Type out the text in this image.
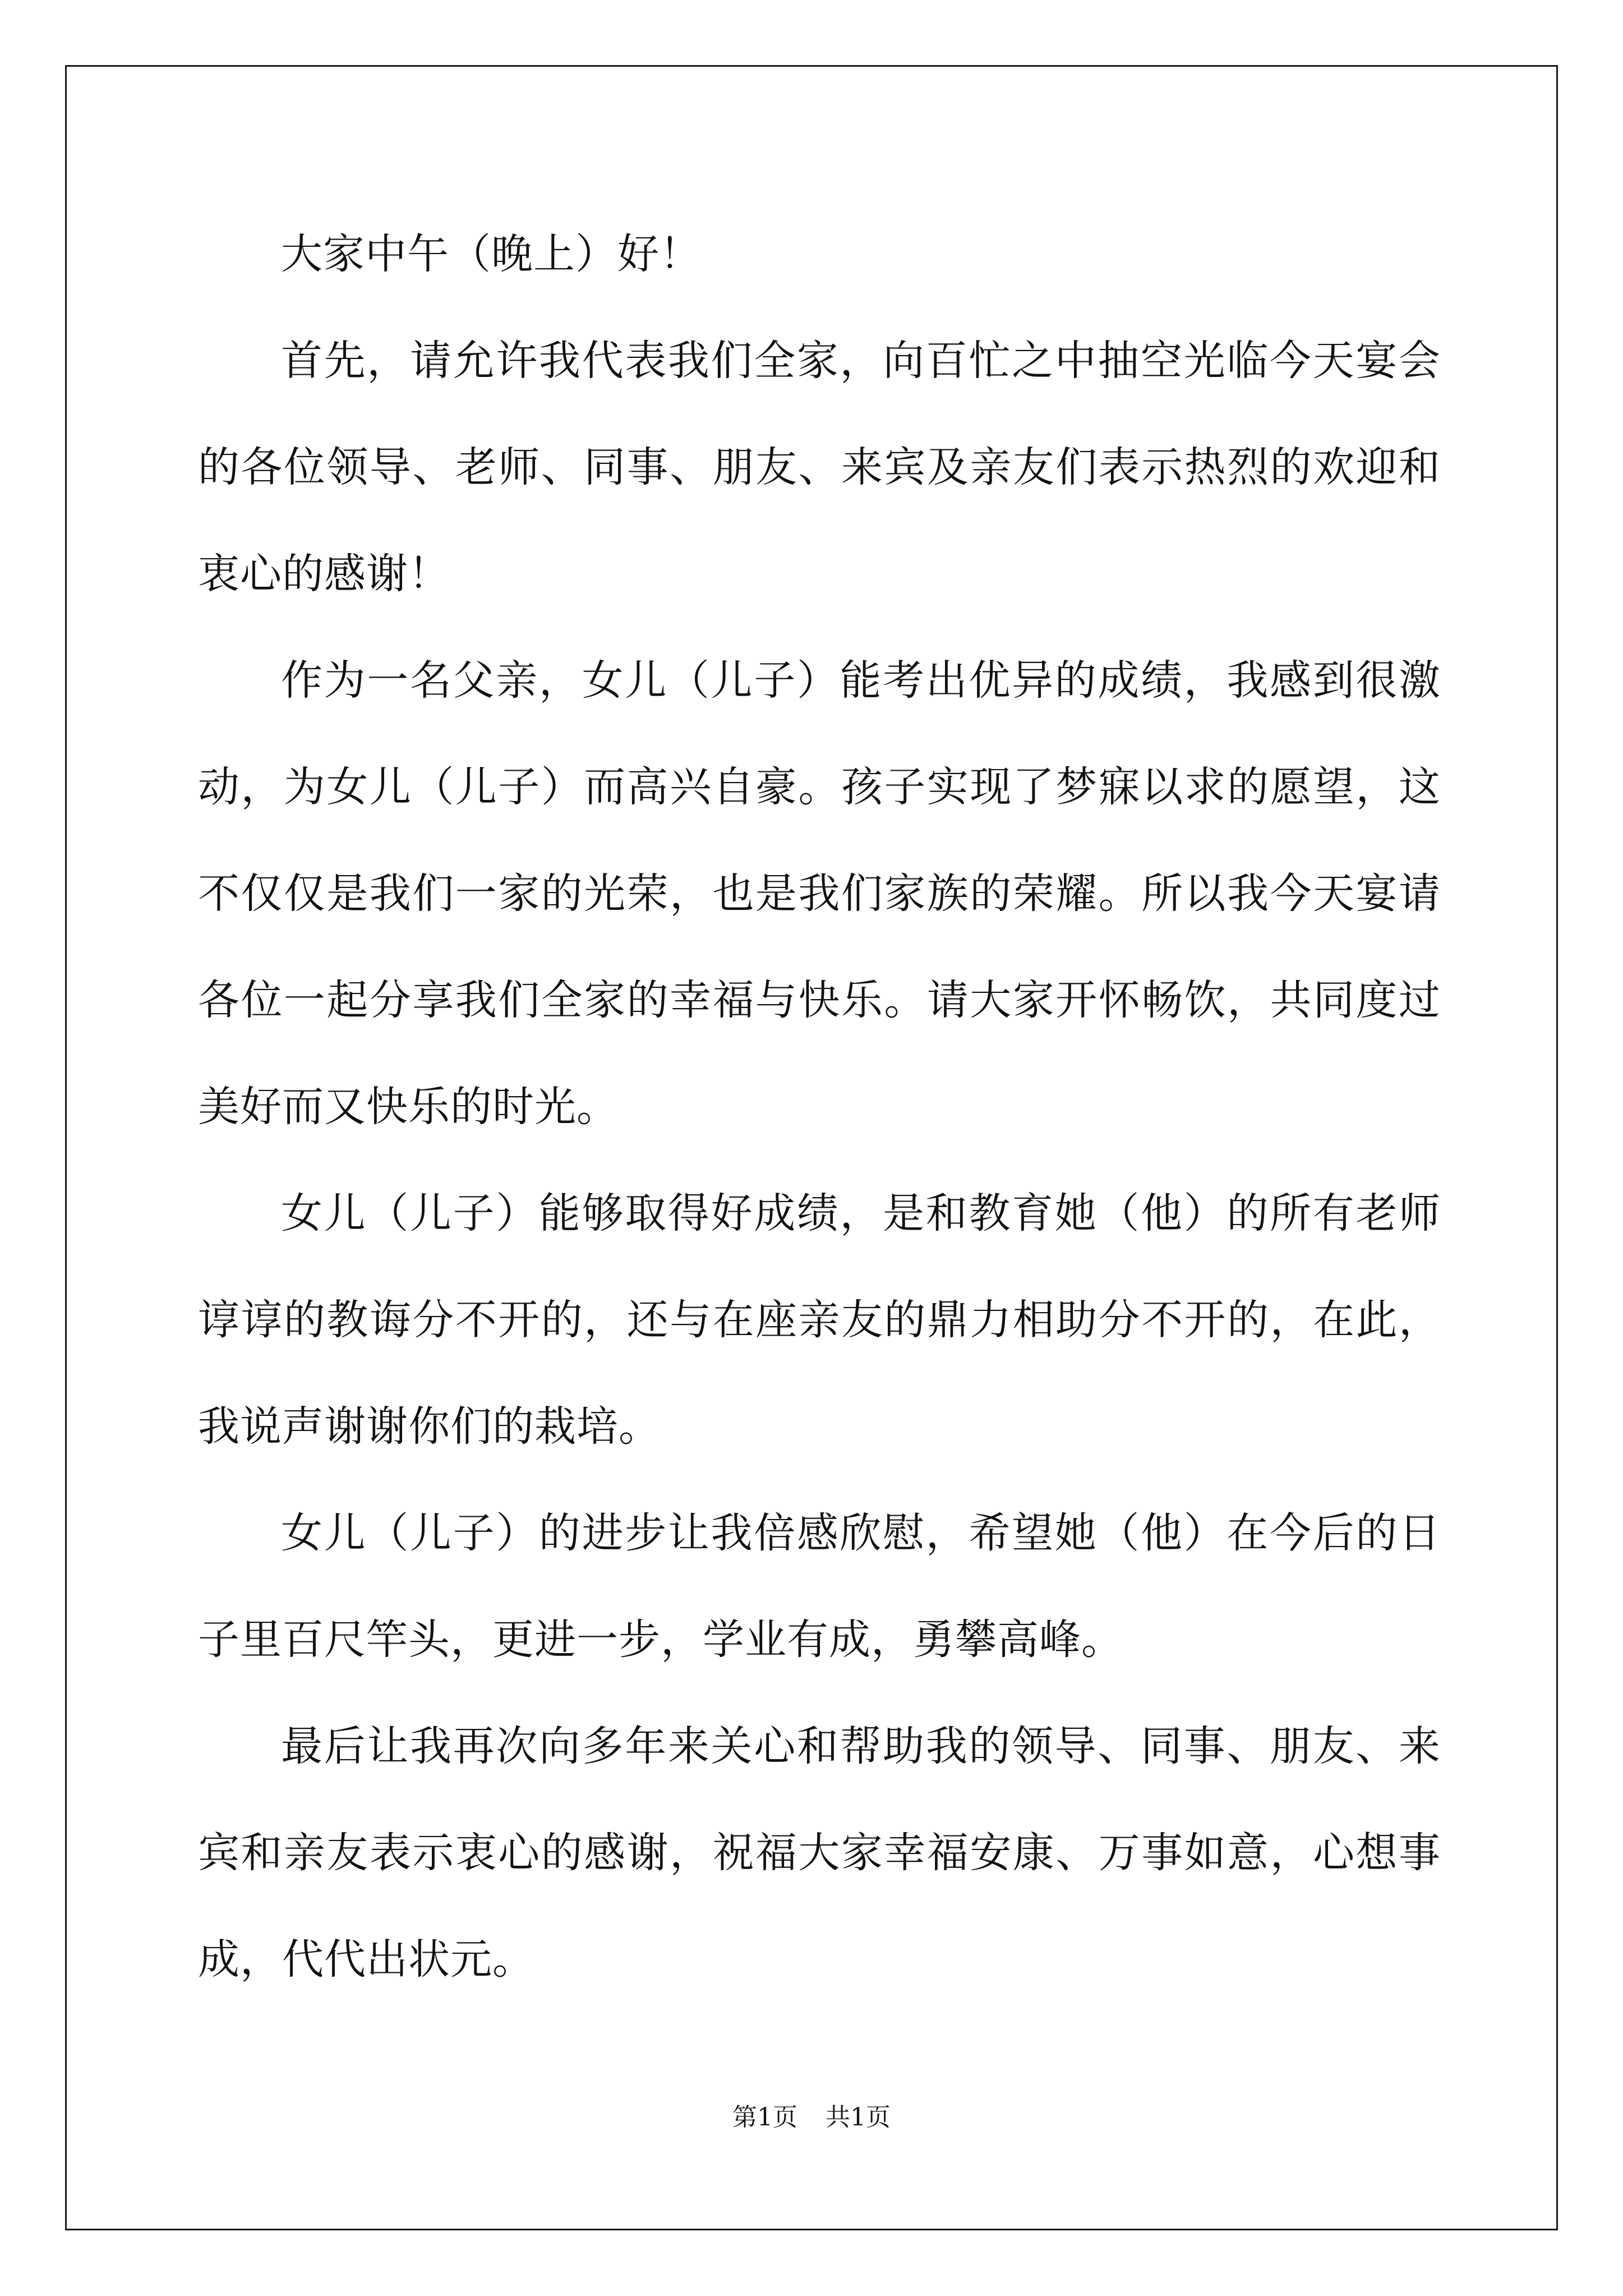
大家中午（晚上）好！

首先，请允许我代表我们全家，向百忙之中抽空光临今天宴会的各位领导、老师、同事、朋友、来宾及亲友们表示热烈的欢迎和衷心的感谢！

作为一名父亲，女儿（儿子）能考出优异的成绩，我感到很激动，为女儿（儿子）而高兴自豪。孩子实现了梦寐以求的愿望，这不仅仅是我们一家的光荣，也是我们家族的荣耀。所以我今天宴请各位一起分享我们全家的幸福与快乐。请大家开怀畅饮，共同度过美好而又快乐的时光。

女儿（儿子）能够取得好成绩，是和教育她（他）的所有老师谆谆的教诲分不开的，还与在座亲友的鼎力相助分不开的，在此，我说声谢谢你们的栽培。

女儿（儿子）的进步让我倍感欣慰，希望她（他）在今后的日子里百尺竿头，更进一步，学业有成，勇攀高峰。

最后让我再次向多年来关心和帮助我的领导、同事、朋友、来宾和亲友表示衷心的感谢，祝福大家幸福安康、万事如意，心想事成，代代出状元。

第1页 共1页
